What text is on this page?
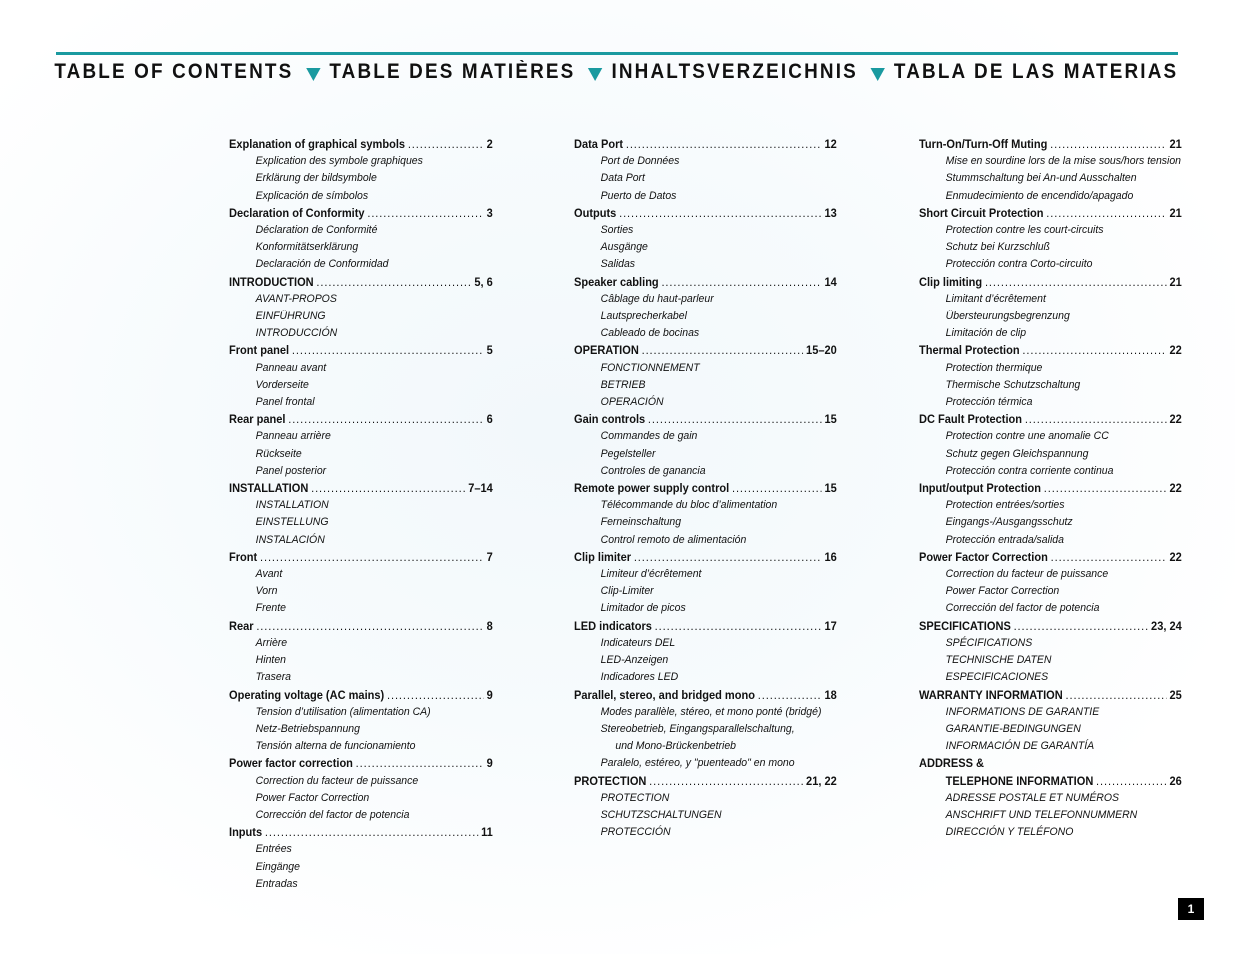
TABLE OF CONTENTS TABLE DES MATIÈRES INHALTSVERZEICHNIS TABLA DE LAS MATERIAS
Explanation of graphical symbols .....	2
Explication des symbole graphiques
Erklärung der bildsymbole
Explicación de símbolos
Declaration of Conformity .....	3
Déclaration de Conformité
Konformitätserklärung
Declaración de Conformidad
INTRODUCTION .....	5, 6
AVANT-PROPOS
EINFÜHRUNG
INTRODUCCIÓN
Front panel .....	5
Panneau avant
Vorderseite
Panel frontal
Rear panel .....	6
Panneau arrière
Rückseite
Panel posterior
INSTALLATION .....	7–14
INSTALLATION
EINSTELLUNG
INSTALACIÓN
Front .....	7
Avant
Vorn
Frente
Rear .....	8
Arrière
Hinten
Trasera
Operating voltage (AC mains) .....	9
Tension d’utilisation (alimentation CA)
Netz-Betriebspannung
Tensión alterna de funcionamiento
Power factor correction .....	9
Correction du facteur de puissance
Power Factor Correction
Corrección del factor de potencia
Inputs .....	11
Entrées
Eingänge
Entradas
Data Port .....	12
Port de Données
Data Port
Puerto de Datos
Outputs .....	13
Sorties
Ausgänge
Salidas
Speaker cabling .....	14
Câblage du haut-parleur
Lautsprecherkabel
Cableado de bocinas
OPERATION .....	15–20
FONCTIONNEMENT
BETRIEB
OPERACIÓN
Gain controls .....	15
Commandes de gain
Pegelsteller
Controles de ganancia
Remote power supply control .....	15
Télécommande du bloc d’alimentation
Ferneinschaltung
Control remoto de alimentación
Clip limiter .....	16
Limiteur d’écrêtement
Clip-Limiter
Limitador de picos
LED indicators .....	17
Indicateurs DEL
LED-Anzeigen
Indicadores LED
Parallel, stereo, and bridged mono .....	18
Modes parallèle, stéreo, et mono ponté (bridgé)
Stereobetrieb, Eingangsparallelschaltung,
und Mono-Brückenbetrieb
Paralelo, estéreo, y "puenteado" en mono
PROTECTION .....	21, 22
PROTECTION
SCHUTZSCHALTUNGEN
PROTECCIÓN
Turn-On/Turn-Off Muting .....	21
Mise en sourdine lors de la mise sous/hors tension
Stummschaltung bei An-und Ausschalten
Enmudecimiento de encendido/apagado
Short Circuit Protection .....	21
Protection contre les court-circuits
Schutz bei Kurzschluß
Protección contra Corto-circuito
Clip limiting .....	21
Limitant d’écrêtement
Übersteurungsbegrenzung
Limitación de clip
Thermal Protection .....	22
Protection thermique
Thermische Schutzschaltung
Protección térmica
DC Fault Protection .....	22
Protection contre une anomalie CC
Schutz gegen Gleichspannung
Protección contra corriente continua
Input/output Protection .....	22
Protection entrées/sorties
Eingangs-/Ausgangsschutz
Protección entrada/salida
Power Factor Correction .....	22
Correction du facteur de puissance
Power Factor Correction
Corrección del factor de potencia
SPECIFICATIONS .....	23, 24
SPÉCIFICATIONS
TECHNISCHE DATEN
ESPECIFICACIONES
WARRANTY INFORMATION .....	25
INFORMATIONS DE GARANTIE
GARANTIE-BEDINGUNGEN
INFORMACIÓN DE GARANTÍA
ADDRESS &
TELEPHONE INFORMATION .....	26
ADRESSE POSTALE ET NUMÉROS
ANSCHRIFT UND TELEFONNUMMERN
DIRECCIÓN Y TELÉFONO
1
